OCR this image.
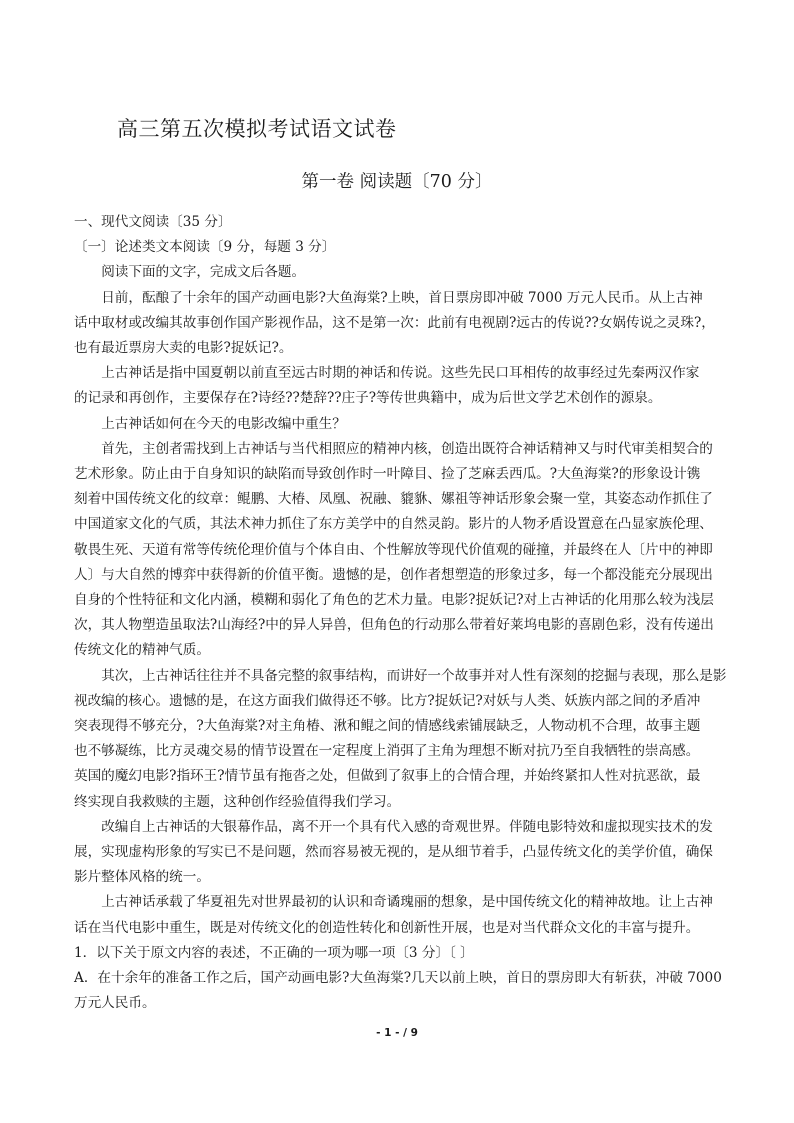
高三第五次模拟考试语文试卷
第一卷 阅读题〔70 分〕

一、现代文阅读〔35 分〕

〔一〕论述类文本阅读〔9 分，每题 3 分〕

阅读下面的文字，完成文后各题。

日前，酝酿了十余年的国产动画电影?大鱼海棠?上映，首日票房即冲破 7000 万元人民币。从上古神
话中取材或改编其故事创作国产影视作品，这不是第一次：此前有电视剧?远古的传说??女娲传说之灵珠?，
也有最近票房大卖的电影?捉妖记?。

上古神话是指中国夏朝以前直至远古时期的神话和传说。这些先民口耳相传的故事经过先秦两汉作家
的记录和再创作，主要保存在?诗经??楚辞??庄子?等传世典籍中，成为后世文学艺术创作的源泉。

上古神话如何在今天的电影改编中重生？

首先，主创者需找到上古神话与当代相照应的精神内核，创造出既符合神话精神又与时代审美相契合的
艺术形象。防止由于自身知识的缺陷而导致创作时一叶障目、捡了芝麻丢西瓜。?大鱼海棠?的形象设计镌
刻着中国传统文化的纹章：鲲鹏、大椿、凤凰、祝融、貔貅、嫘祖等神话形象会聚一堂，其姿态动作抓住了
中国道家文化的气质，其法术神力抓住了东方美学中的自然灵韵。影片的人物矛盾设置意在凸显家族伦理、
敬畏生死、天道有常等传统伦理价值与个体自由、个性解放等现代价值观的碰撞，并最终在人〔片中的神即
人〕与大自然的博弈中获得新的价值平衡。遗憾的是，创作者想塑造的形象过多，每一个都没能充分展现出
自身的个性特征和文化内涵，模糊和弱化了角色的艺术力量。电影?捉妖记?对上古神话的化用那么较为浅层
次，其人物塑造虽取法?山海经?中的异人异兽，但角色的行动那么带着好莱坞电影的喜剧色彩，没有传递出
传统文化的精神气质。

其次，上古神话往往并不具备完整的叙事结构，而讲好一个故事并对人性有深刻的挖掘与表现，那么是影
视改编的核心。遗憾的是，在这方面我们做得还不够。比方?捉妖记?对妖与人类、妖族内部之间的矛盾冲
突表现得不够充分，?大鱼海棠?对主角椿、湫和鲲之间的情感线索铺展缺乏，人物动机不合理，故事主题
也不够凝练，比方灵魂交易的情节设置在一定程度上消弭了主角为理想不断对抗乃至自我牺牲的崇高感。
英国的魔幻电影?指环王?情节虽有拖沓之处，但做到了叙事上的合情合理，并始终紧扣人性对抗恶欲，最
终实现自我救赎的主题，这种创作经验值得我们学习。

改编自上古神话的大银幕作品，离不开一个具有代入感的奇观世界。伴随电影特效和虚拟现实技术的发
展，实现虚构形象的写实已不是问题，然而容易被无视的，是从细节着手，凸显传统文化的美学价值，确保
影片整体风格的统一。

上古神话承载了华夏祖先对世界最初的认识和奇谲瑰丽的想象，是中国传统文化的精神故地。让上古神
话在当代电影中重生，既是对传统文化的创造性转化和创新性开展，也是对当代群众文化的丰富与提升。

1．以下关于原文内容的表述，不正确的一项为哪一项〔3 分〕〔 〕

A．在十余年的准备工作之后，国产动画电影?大鱼海棠?几天以前上映，首日的票房即大有斩获，冲破 7000
万元人民币。

- 1 - / 9
